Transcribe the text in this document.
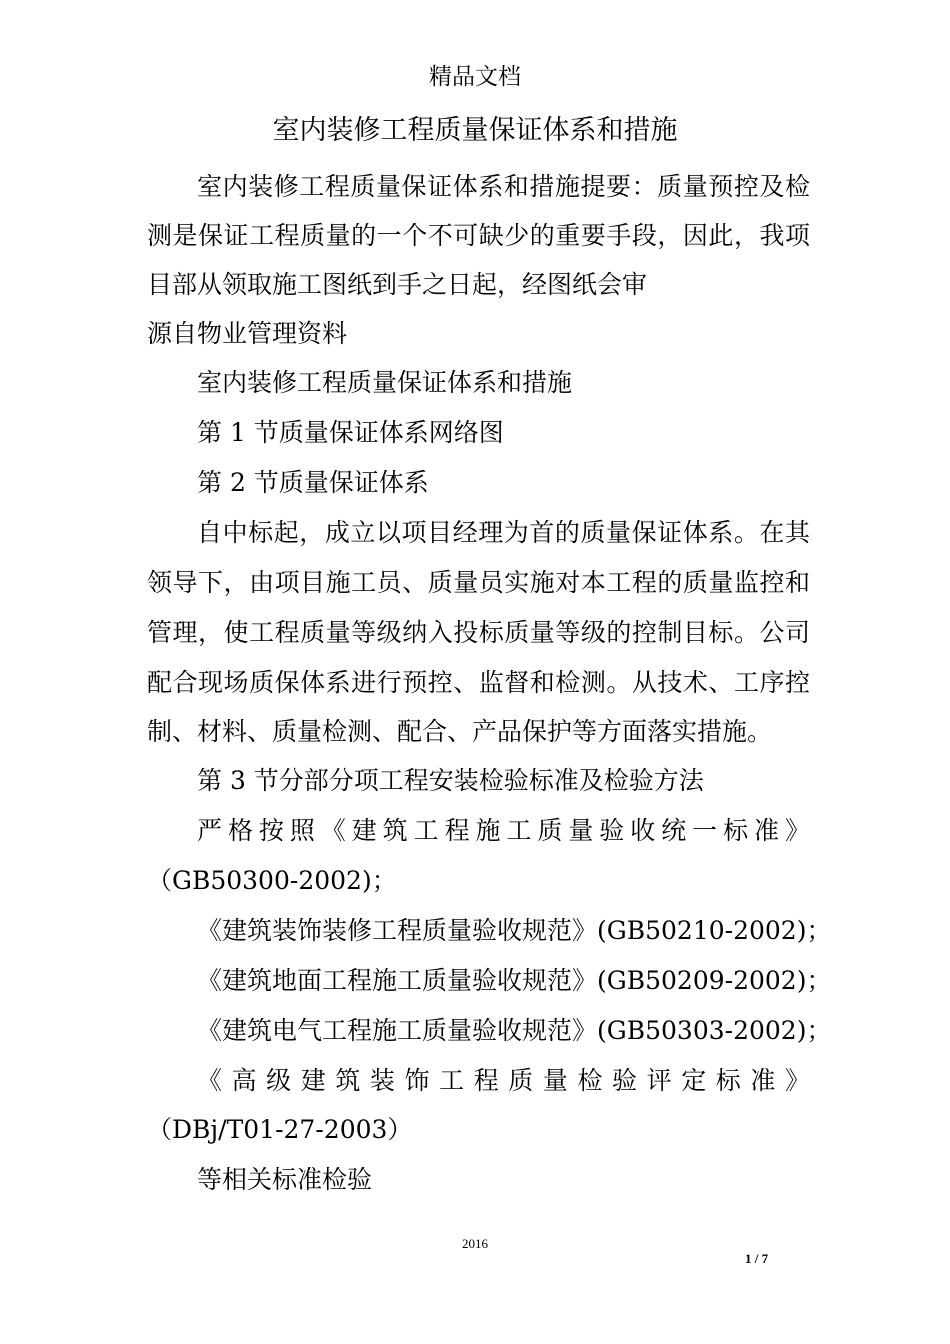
精品文档
室内装修工程质量保证体系和措施
室内装修工程质量保证体系和措施提要：质量预控及检
测是保证工程质量的一个不可缺少的重要手段，因此，我项
目部从领取施工图纸到手之日起，经图纸会审
源自物业管理资料
室内装修工程质量保证体系和措施
第 1 节质量保证体系网络图
第 2 节质量保证体系
自中标起，成立以项目经理为首的质量保证体系。在其
领导下，由项目施工员、质量员实施对本工程的质量监控和
管理，使工程质量等级纳入投标质量等级的控制目标。公司
配合现场质保体系进行预控、监督和检测。从技术、工序控
制、材料、质量检测、配合、产品保护等方面落实措施。
第 3 节分部分项工程安装检验标准及检验方法
严格按照《建筑工程施工质量验收统一标准》
（GB50300-2002)；
《建筑装饰装修工程质量验收规范》(GB50210-2002)；
《建筑地面工程施工质量验收规范》(GB50209-2002)；
《建筑电气工程施工质量验收规范》(GB50303-2002)；
《高级建筑装饰工程质量检验评定标准》
（DBj/T01-27-2003）
等相关标准检验
2016
1 / 7
